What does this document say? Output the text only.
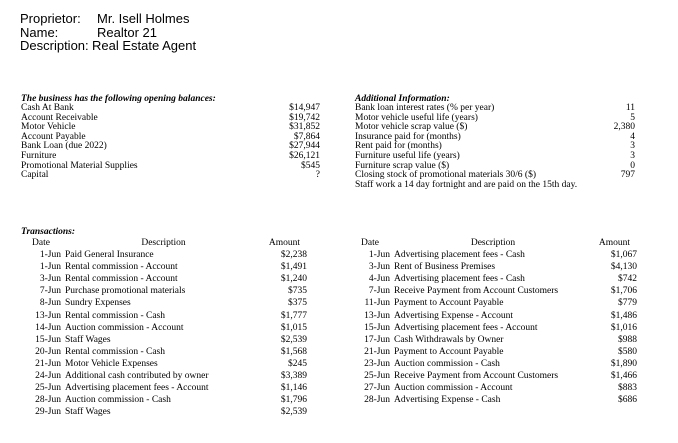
Proprietor: Mr. Isell Holmes
Name:	Realtor 21
Description: Real Estate Agent
The business has the following opening balances:
Cash At Bank	$14,947
Account Receivable	$19,742
Motor Vehicle	$31,852
Account Payable	$7,864
Bank Loan (due 2022)	$27,944
Furniture	$26,121
Promotional Material Supplies	$545
Capital	?
Additional Information:
Bank loan interest rates (% per year)	11
Motor vehicle useful life (years)	5
Motor vehicle scrap value ($)	2,380
Insurance paid for (months)	4
Rent paid for (months)	3
Furniture useful life (years)	3
Furniture scrap value ($)	0
Closing stock of promotional materials 30/6 ($)	797
Staff work a 14 day fortnight and are paid on the 15th day.
Transactions:
Date	Description	Amount
1-Jun	Paid General Insurance	$2,238
1-Jun	Rental commission - Account	$1,491
3-Jun	Rental commission - Account	$1,240
7-Jun	Purchase promotional materials	$735
8-Jun	Sundry Expenses	$375
13-Jun	Rental commission - Cash	$1,777
14-Jun	Auction commission - Account	$1,015
15-Jun	Staff Wages	$2,539
20-Jun	Rental commission - Cash	$1,568
21-Jun	Motor Vehicle Expenses	$245
24-Jun	Additional cash contributed by owner	$3,389
25-Jun	Advertising placement fees - Account	$1,146
28-Jun	Auction commission - Cash	$1,796
29-Jun	Staff Wages	$2,539
Date	Description	Amount
1-Jun	Advertising placement fees - Cash	$1,067
3-Jun	Rent of Business Premises	$4,130
4-Jun	Advertising placement fees - Cash	$742
7-Jun	Receive Payment from Account Customers	$1,706
11-Jun	Payment to Account Payable	$779
13-Jun	Advertising Expense - Account	$1,486
15-Jun	Advertising placement fees - Account	$1,016
17-Jun	Cash Withdrawals by Owner	$988
21-Jun	Payment to Account Payable	$580
23-Jun	Auction commission - Cash	$1,890
25-Jun	Receive Payment from Account Customers	$1,466
27-Jun	Auction commission - Account	$883
28-Jun	Advertising Expense - Cash	$686
